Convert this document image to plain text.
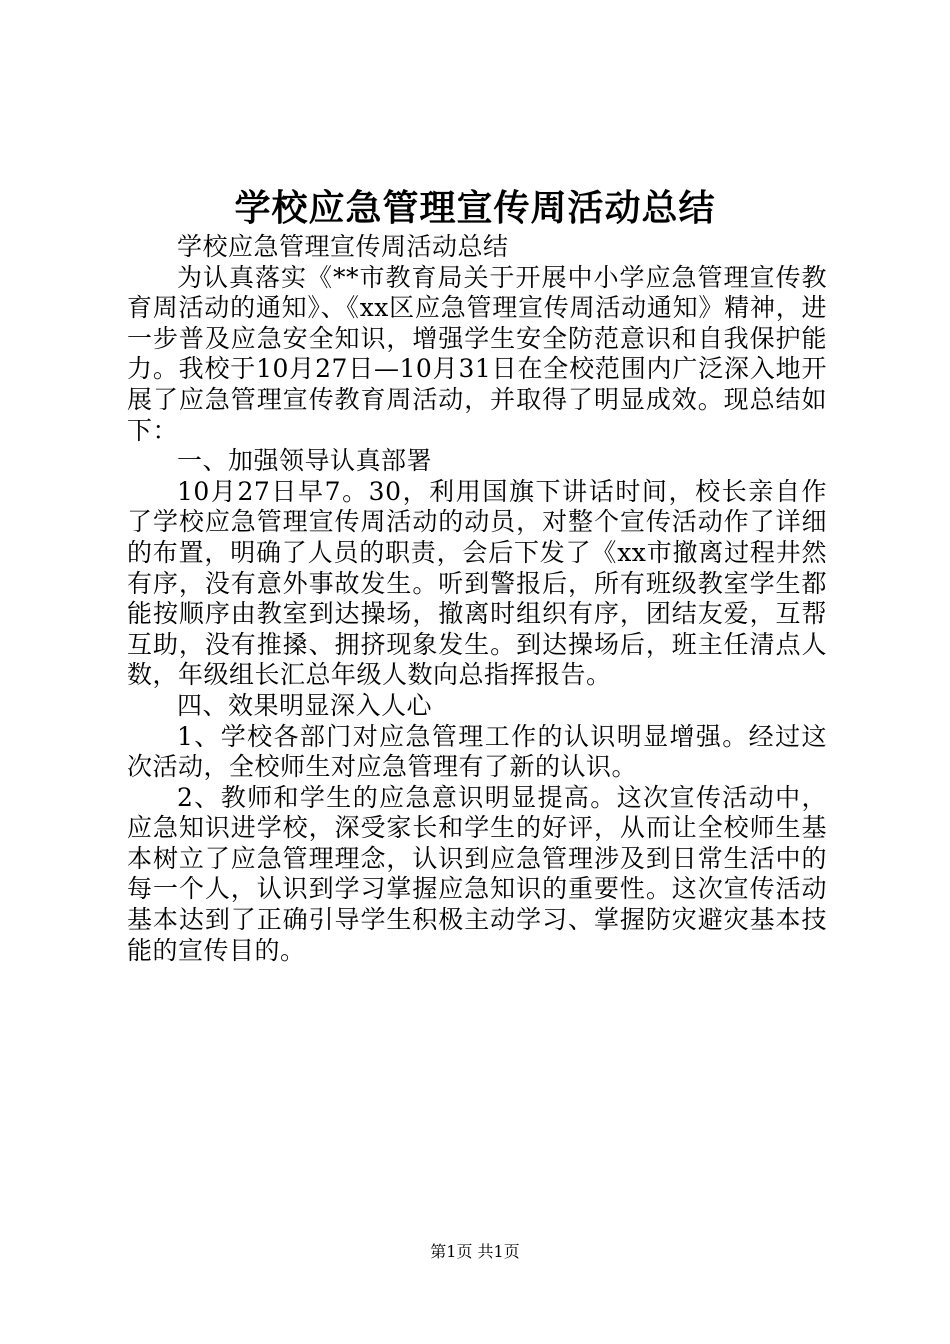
学校应急管理宣传周活动总结

学校应急管理宣传周活动总结

为认真落实《**市教育局关于开展中小学应急管理宣传教育周活动的通知》、《xx区应急管理宣传周活动通知》精神，进一步普及应急安全知识，增强学生安全防范意识和自我保护能力。我校于10月27日—10月31日在全校范围内广泛深入地开展了应急管理宣传教育周活动，并取得了明显成效。现总结如下：

一、加强领导认真部署

10月27日早7。30，利用国旗下讲话时间，校长亲自作了学校应急管理宣传周活动的动员，对整个宣传活动作了详细的布置，明确了人员的职责，会后下发了《xx市撤离过程井然有序，没有意外事故发生。听到警报后，所有班级教室学生都能按顺序由教室到达操场，撤离时组织有序，团结友爱，互帮互助，没有推搡、拥挤现象发生。到达操场后，班主任清点人数，年级组长汇总年级人数向总指挥报告。

四、效果明显深入人心

1、学校各部门对应急管理工作的认识明显增强。经过这次活动，全校师生对应急管理有了新的认识。

2、教师和学生的应急意识明显提高。这次宣传活动中，应急知识进学校，深受家长和学生的好评，从而让全校师生基本树立了应急管理理念，认识到应急管理涉及到日常生活中的每一个人，认识到学习掌握应急知识的重要性。这次宣传活动基本达到了正确引导学生积极主动学习、掌握防灾避灾基本技能的宣传目的。

第1页 共1页
